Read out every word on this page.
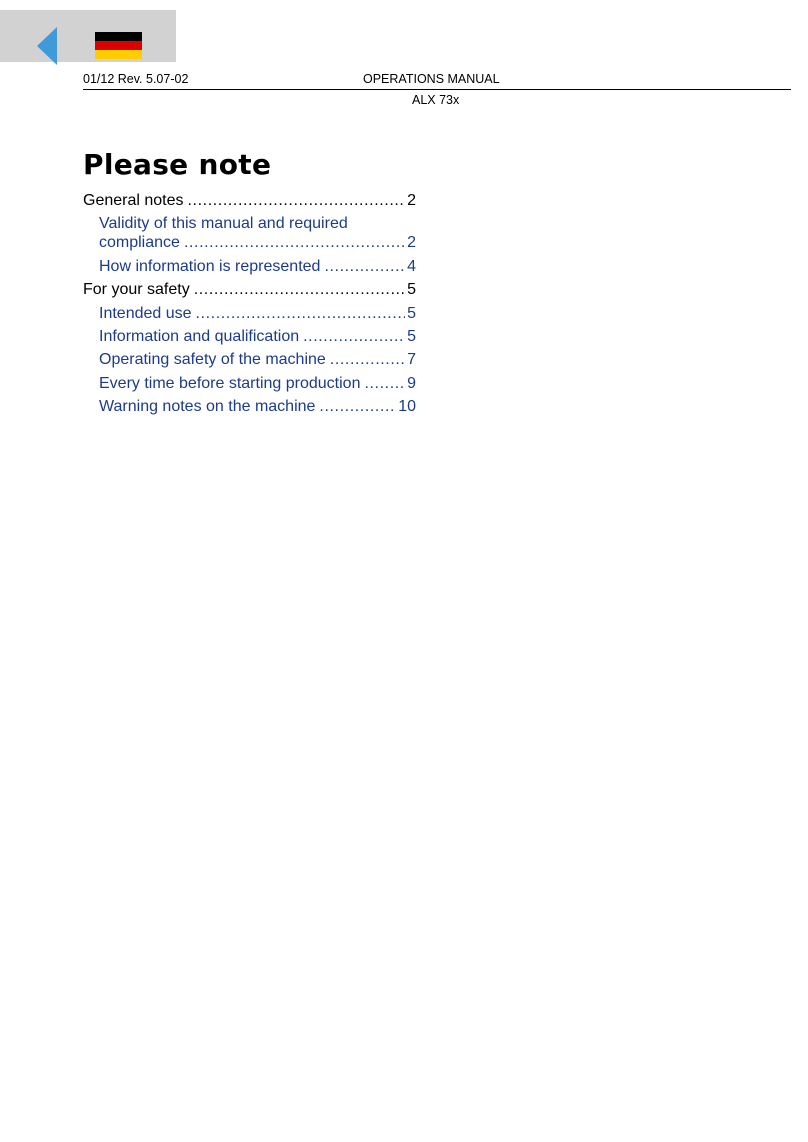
01/12 Rev. 5.07-02	OPERATIONS MANUAL
ALX 73x
Please note
General notes .....	2
Validity of this manual and required
compliance .....	2
How information is represented .....	4
For your safety .....	5
Intended use .....	5
Information and qualification .....	5
Operating safety of the machine .....	7
Every time before starting production .....	9
Warning notes on the machine .....	10
